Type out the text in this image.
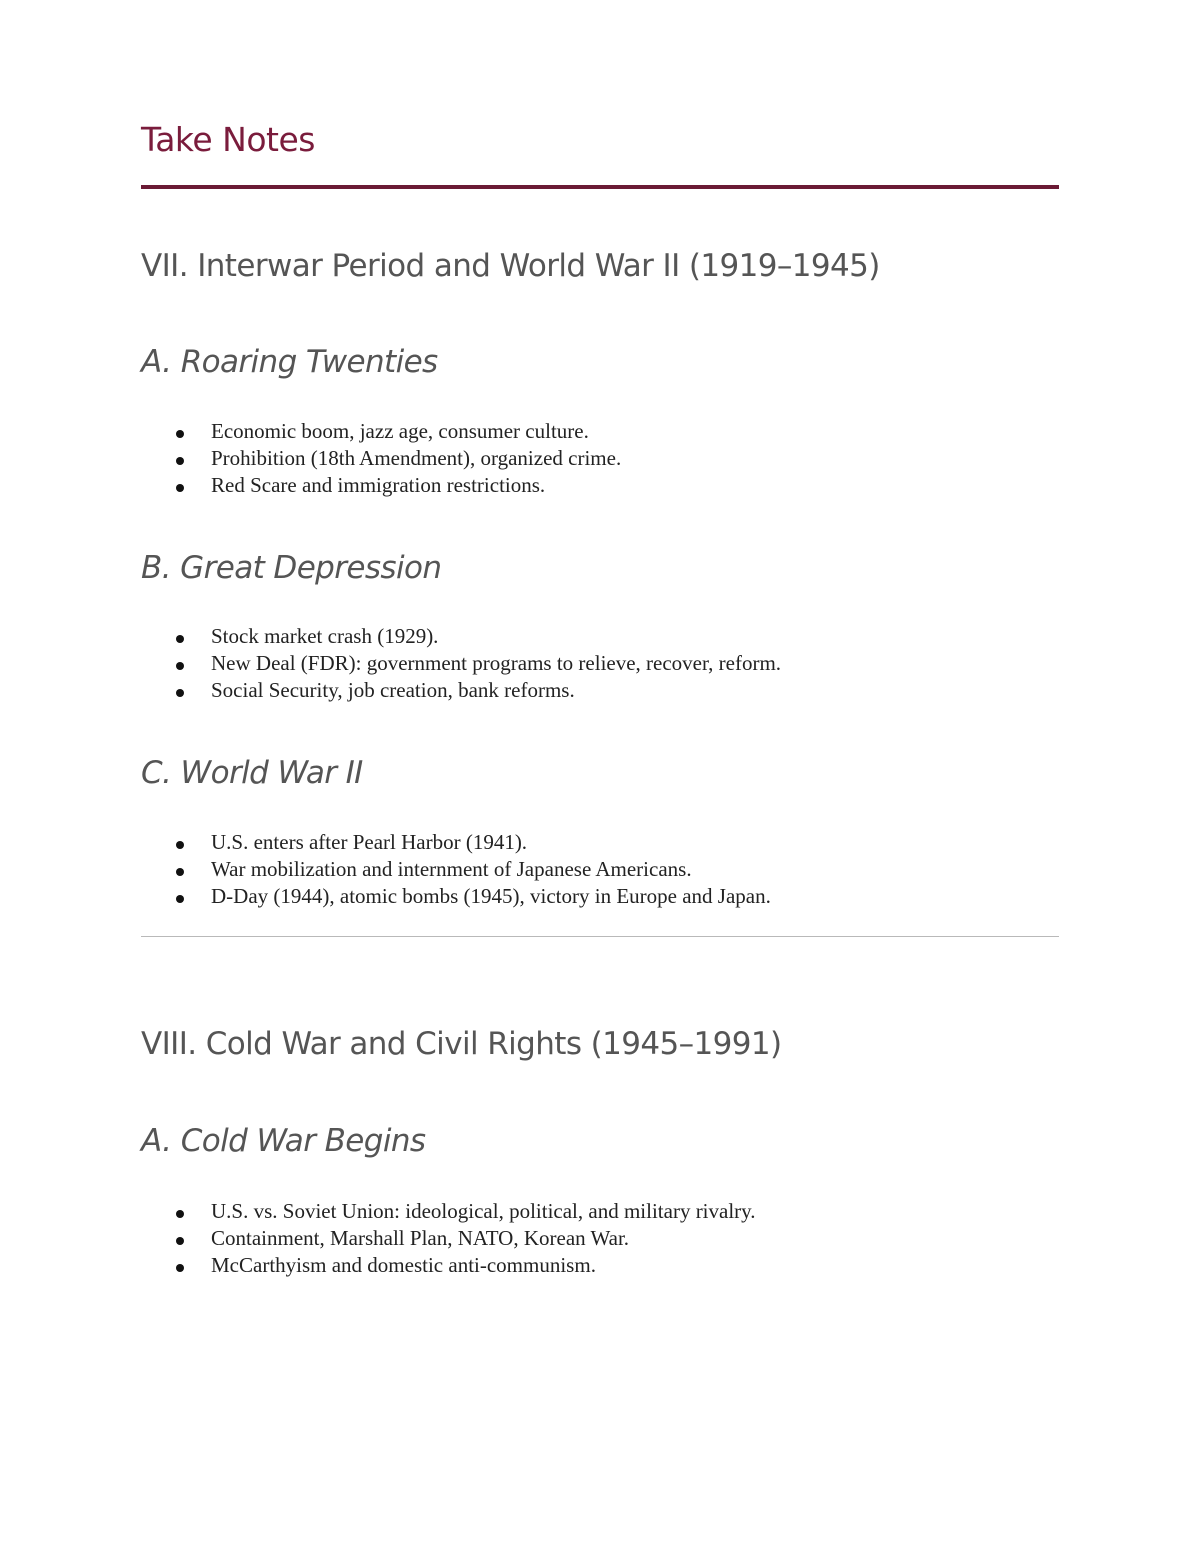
Take Notes
VII. Interwar Period and World War II (1919–1945)
A. Roaring Twenties
Economic boom, jazz age, consumer culture.
Prohibition (18th Amendment), organized crime.
Red Scare and immigration restrictions.
B. Great Depression
Stock market crash (1929).
New Deal (FDR): government programs to relieve, recover, reform.
Social Security, job creation, bank reforms.
C. World War II
U.S. enters after Pearl Harbor (1941).
War mobilization and internment of Japanese Americans.
D-Day (1944), atomic bombs (1945), victory in Europe and Japan.
VIII. Cold War and Civil Rights (1945–1991)
A. Cold War Begins
U.S. vs. Soviet Union: ideological, political, and military rivalry.
Containment, Marshall Plan, NATO, Korean War.
McCarthyism and domestic anti-communism.
